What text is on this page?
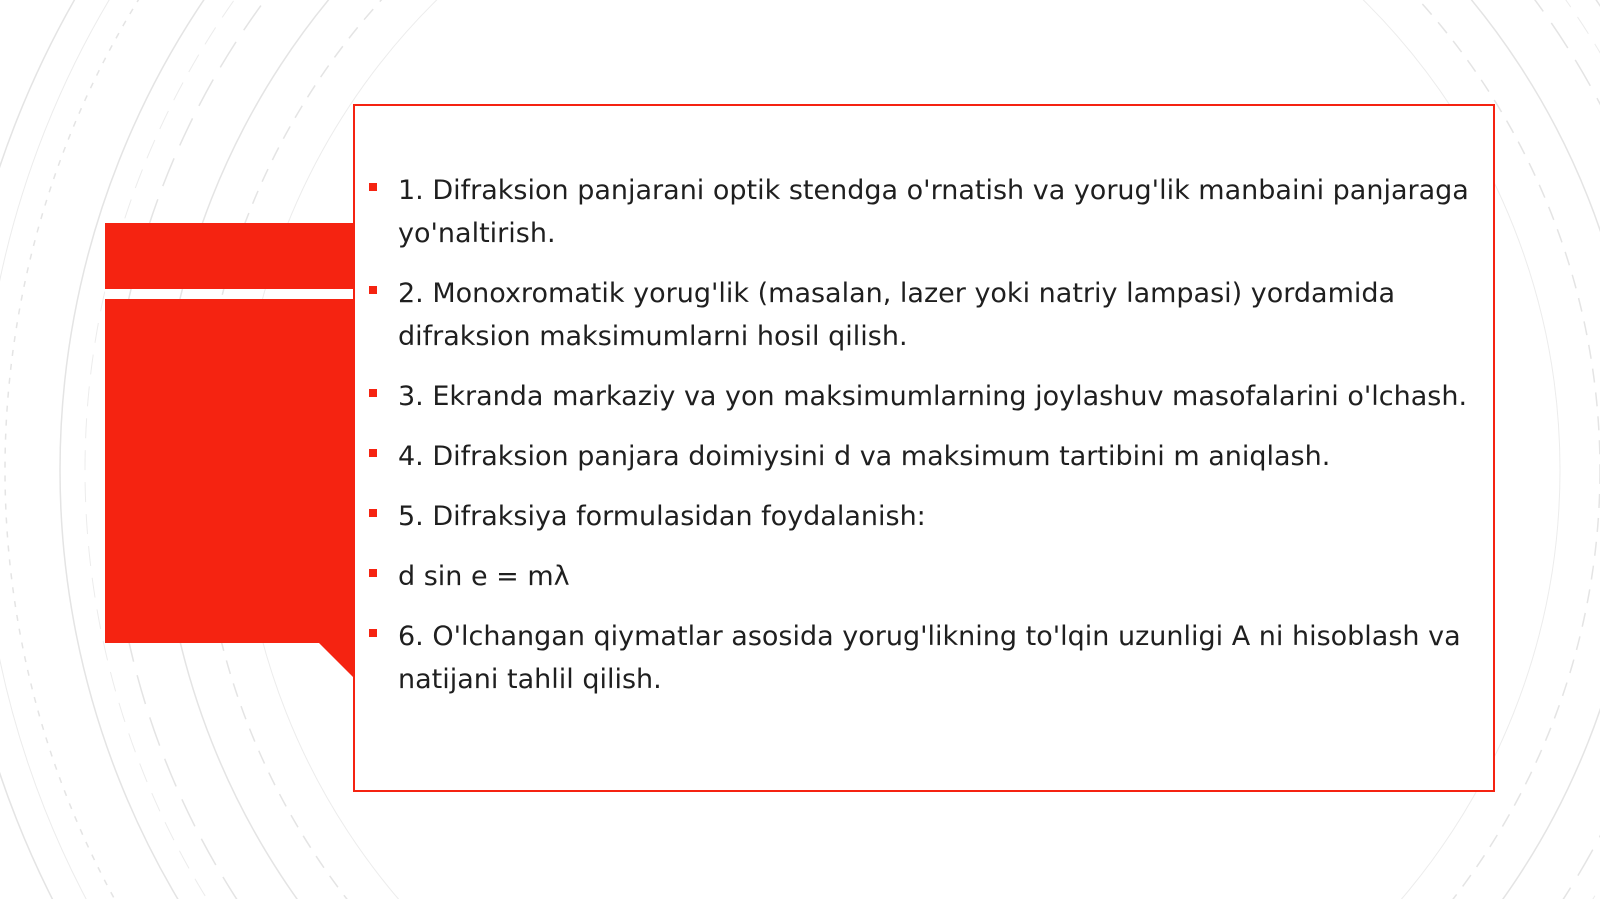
1. Difraksion panjarani optik stendga o'rnatish va yorug'lik manbaini panjaraga yo'naltirish.
2. Monoxromatik yorug'lik (masalan, lazer yoki natriy lampasi) yordamida difraksion maksimumlarni hosil qilish.
3. Ekranda markaziy va yon maksimumlarning joylashuv masofalarini o'lchash.
4. Difraksion panjara doimiysini d va maksimum tartibini m aniqlash.
5. Difraksiya formulasidan foydalanish:
d sin e = mλ
6. O'lchangan qiymatlar asosida yorug'likning to'lqin uzunligi A ni hisoblash va natijani tahlil qilish.
